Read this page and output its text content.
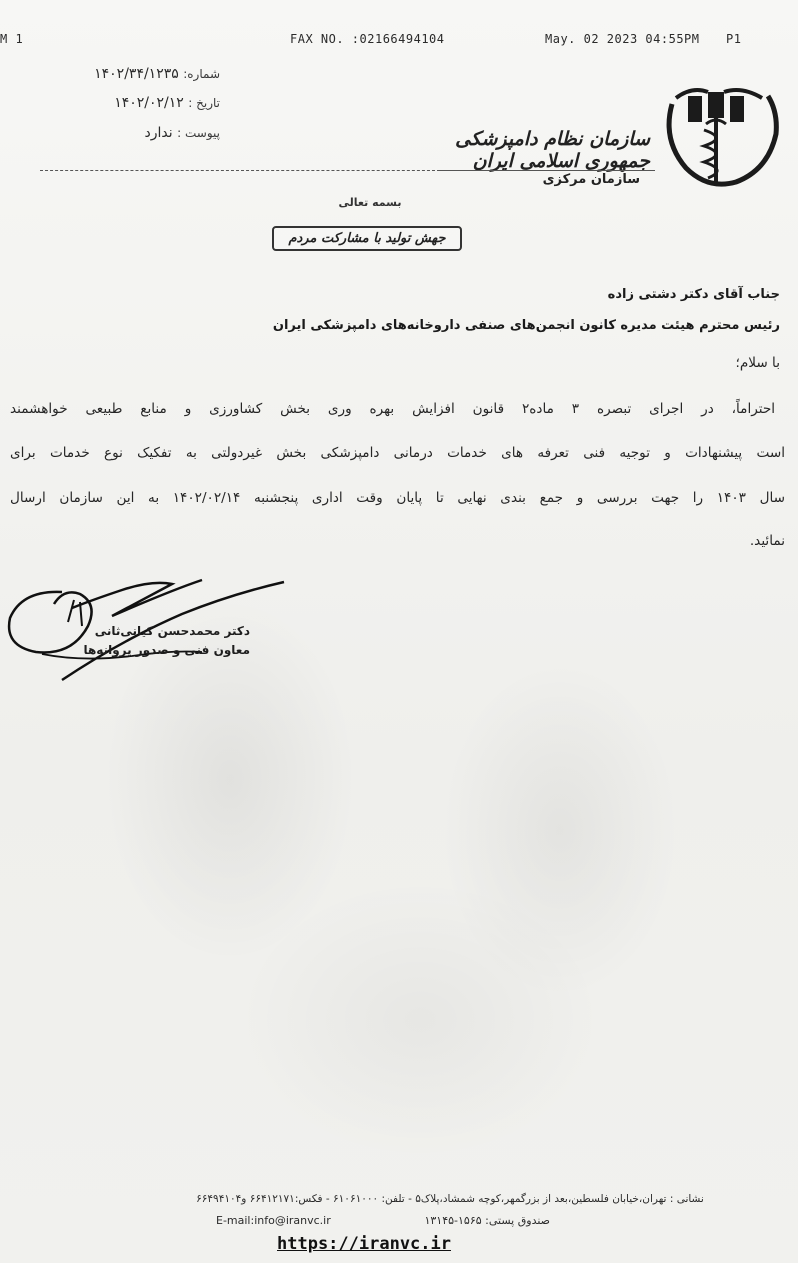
M 1	FAX NO. :02166494104	May. 02 2023 04:55PM P1
شماره: ۱۴۰۲/۳۴/۱۲۳۵
تاریخ : ۱۴۰۲/۰۲/۱۲
پیوست : ندارد	سازمان نظام دامپزشکی جمهوری اسلامی ایران
سازمان مرکزی
بسمه تعالی
جهش تولید با مشارکت مردم
جناب آقای دکتر دشتی زاده
رئیس محترم هیئت مدیره کانون انجمن‌های صنفی داروخانه‌های دامپزشکی ایران
با سلام؛
احتراماً، در اجرای تبصره ۳ ماده۲ قانون افزایش بهره وری بخش کشاورزی و منابع طبیعی خواهشمند
است پیشنهادات و توجیه فنی تعرفه های خدمات درمانی دامپزشکی بخش غیردولتی به تفکیک نوع خدمات برای
سال ۱۴۰۳ را جهت بررسی و جمع بندی نهایی تا پایان وقت اداری پنجشنبه ۱۴۰۲/۰۲/۱۴ به این سازمان ارسال
نمائید.
دکتر محمدحسن کیانی‌ثانی
معاون فنی و صدور پروانه‌ها
نشانی : تهران،خیابان فلسطین،بعد از بزرگمهر،کوچه شمشاد،پلاک۵ - تلفن: ۶۱۰۶۱۰۰۰ - فکس:۶۶۴۱۲۱۷۱ و۶۶۴۹۴۱۰۴
E-mail:info@iranvc.ir	صندوق پستی: ۱۵۶۵-۱۳۱۴۵
https://iranvc.ir
